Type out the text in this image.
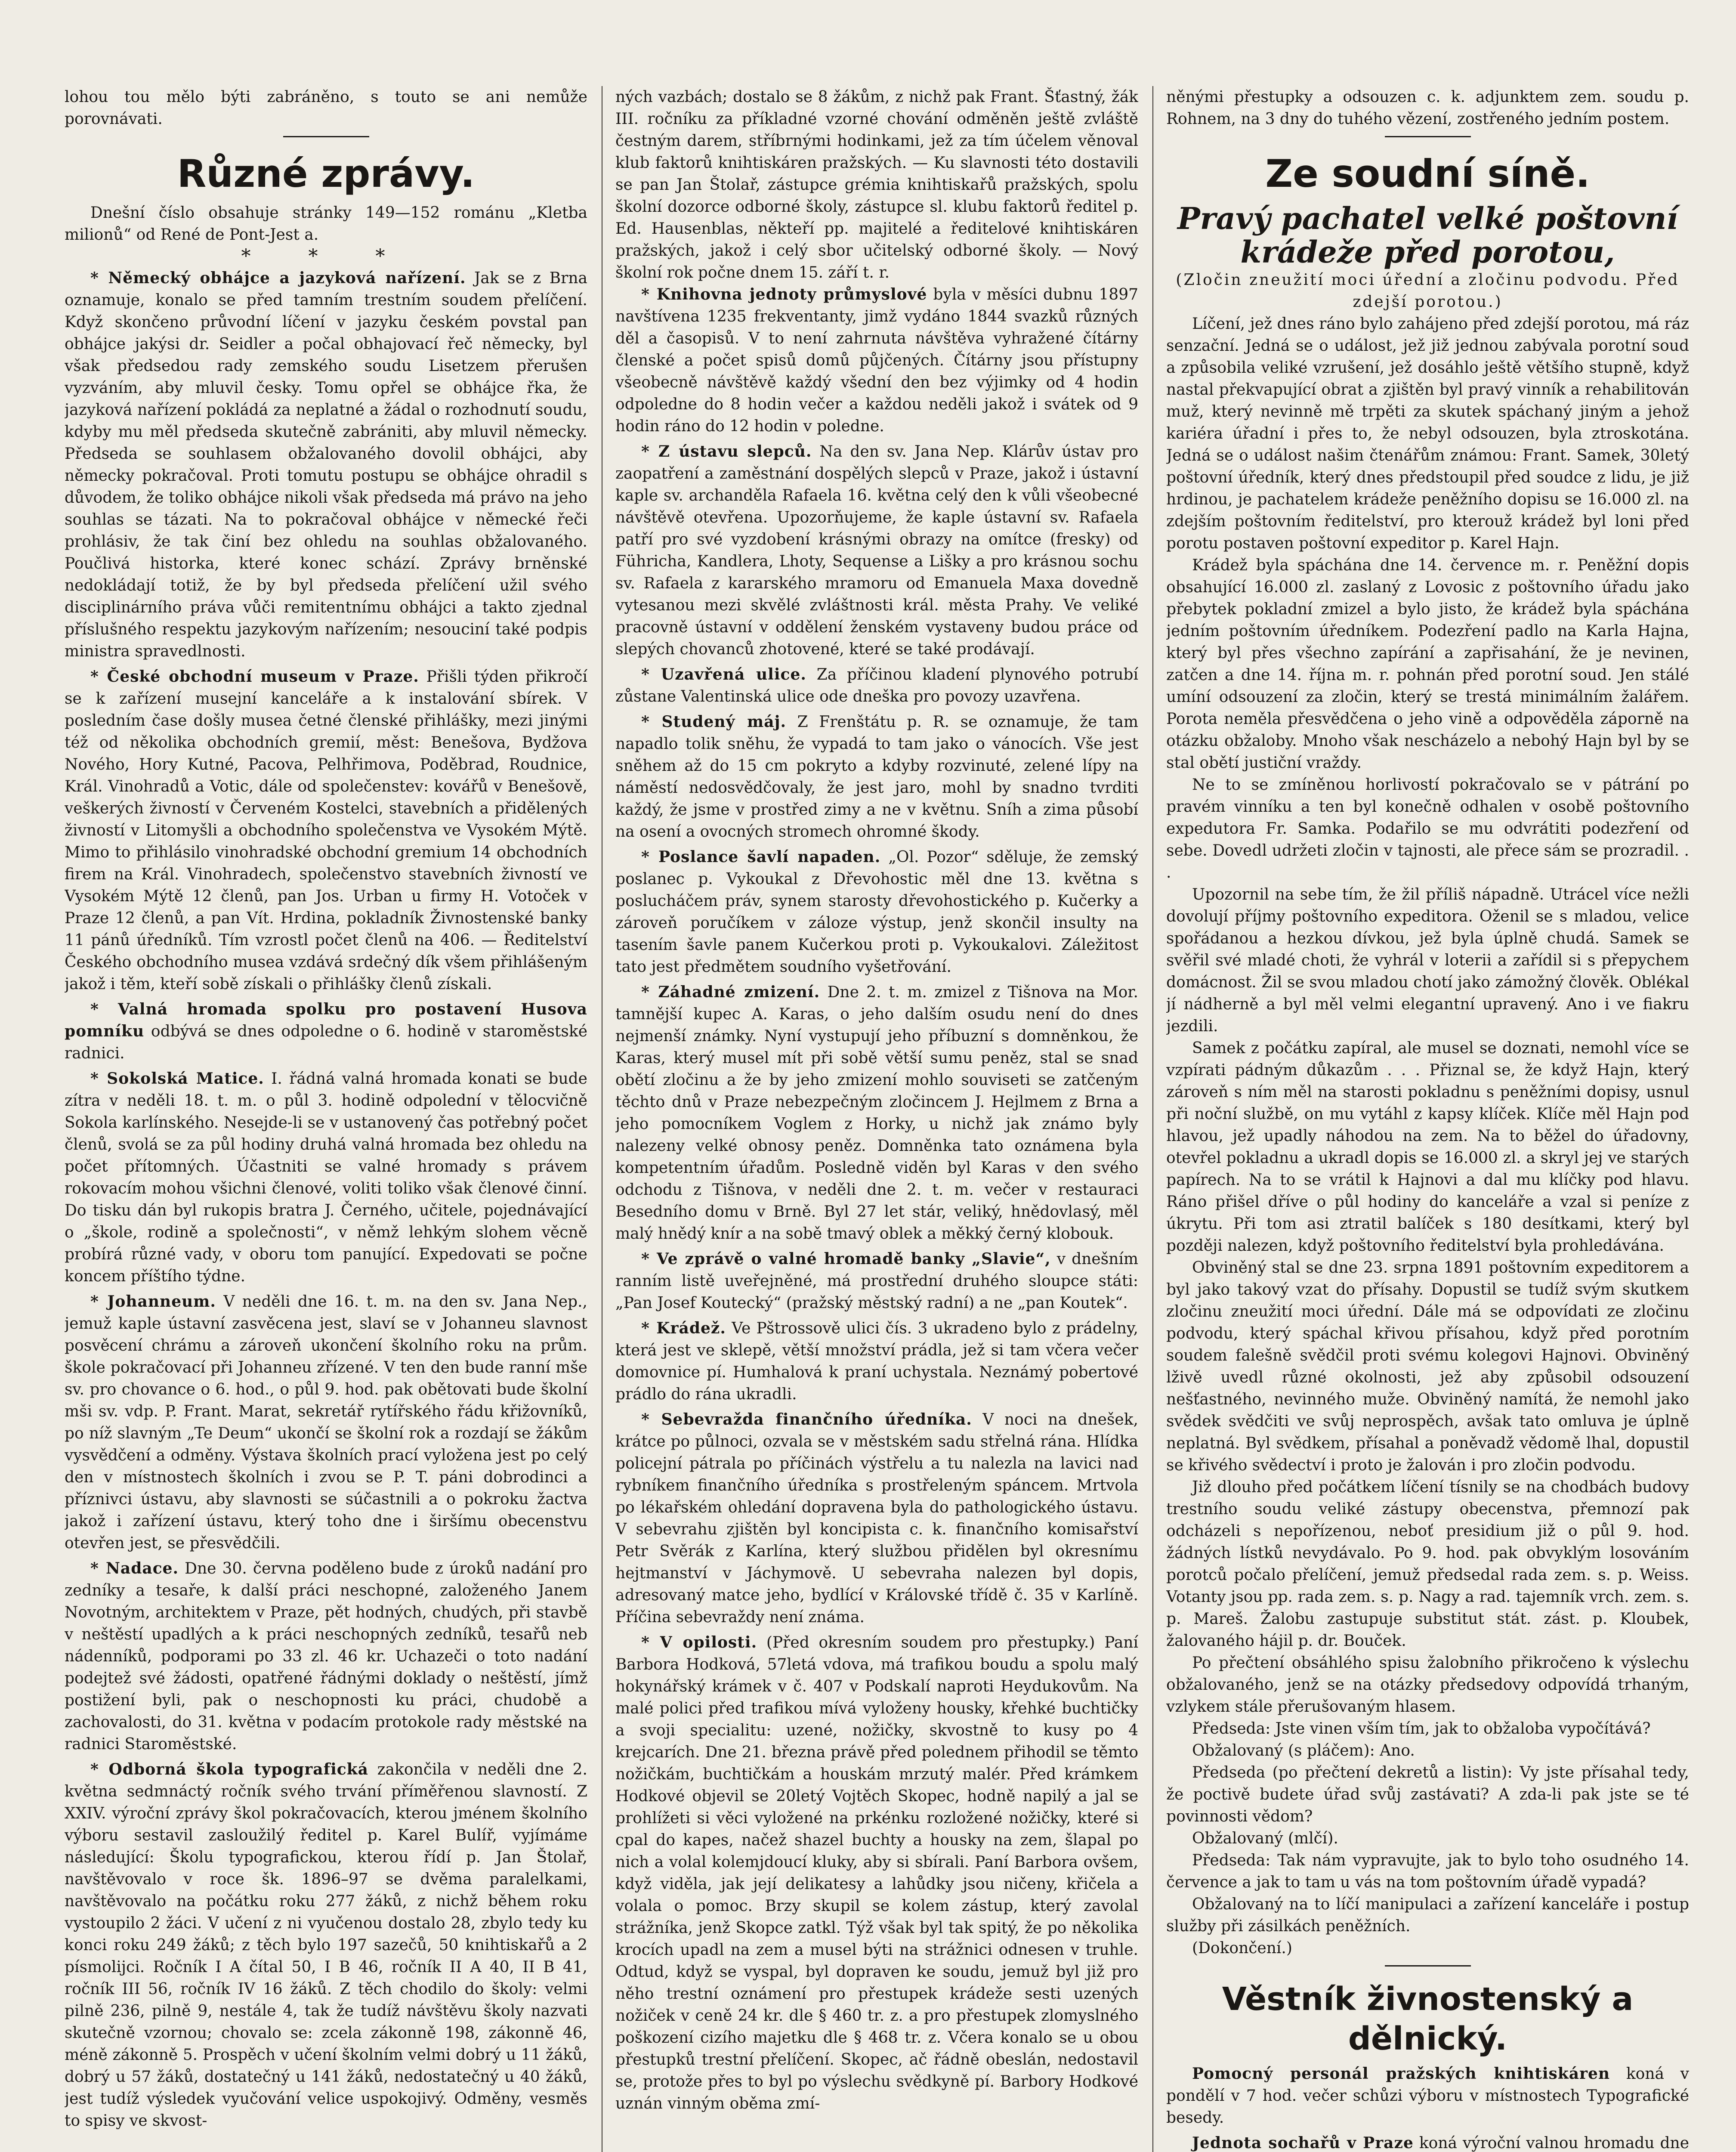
lohou tou mělo býti zabráněno, s touto se ani nemůže porovnávati.

Různé zprávy.

Dnešní číslo obsahuje stránky 149—152 románu „Kletba milionů“ od René de Pont-Jest a.

* * *

* Německý obhájce a jazyková nařízení. Jak se z Brna oznamuje, konalo se před tamním trestním soudem přelíčení. Když skončeno průvodní líčení v jazyku českém povstal pan obhájce jakýsi dr. Seidler a počal obhajovací řeč německy, byl však předsedou rady zemského soudu Lisetzem přerušen vyzváním, aby mluvil česky. Tomu opřel se obhájce řka, že jazyková nařízení pokládá za neplatné a žádal o rozhodnutí soudu, kdyby mu měl předseda skutečně zabrániti, aby mluvil německy. Předseda se souhlasem obžalovaného dovolil obhájci, aby německy pokračoval. Proti tomutu postupu se obhájce ohradil s důvodem, že toliko obhájce nikoli však předseda má právo na jeho souhlas se tázati. Na to pokračoval obhájce v německé řeči prohlásiv, že tak činí bez ohledu na souhlas obžalovaného. Poučlivá historka, které konec schází. Zprávy brněnské nedokládají totiž, že by byl předseda přelíčení užil svého disciplinárního práva vůči remitentnímu obhájci a takto zjednal příslušného respektu jazykovým nařízením; nesouciní také podpis ministra spravedlnosti.

* České obchodní museum v Praze. Přišli týden přikročí se k zařízení musejní kanceláře a k instalování sbírek. V posledním čase došly musea četné členské přihlášky, mezi jinými též od několika obchodních gremií, měst: Benešova, Bydžova Nového, Hory Kutné, Pacova, Pelhřimova, Poděbrad, Roudnice, Král. Vinohradů a Votic, dále od společenstev: kovářů v Benešově, veškerých živností v Červeném Kostelci, stavebních a přidělených živností v Litomyšli a obchodního společenstva ve Vysokém Mýtě. Mimo to přihlásilo vinohradské obchodní gremium 14 obchodních firem na Král. Vinohradech, společenstvo stavebních živností ve Vysokém Mýtě 12 členů, pan Jos. Urban u firmy H. Votoček v Praze 12 členů, a pan Vít. Hrdina, pokladník Živnostenské banky 11 pánů úředníků. Tím vzrostl počet členů na 406. — Ředitelství Českého obchodního musea vzdává srdečný dík všem přihlášeným jakož i těm, kteří sobě získali o přihlášky členů získali.

* Valná hromada spolku pro postavení Husova pomníku odbývá se dnes odpoledne o 6. hodině v staroměstské radnici.

* Sokolská Matice. I. řádná valná hromada konati se bude zítra v neděli 18. t. m. o půl 3. hodině odpolední v tělocvičně Sokola karlínského. Nesejde-li se v ustanovený čas potřebný počet členů, svolá se za půl hodiny druhá valná hromada bez ohledu na počet přítomných. Účastniti se valné hromady s právem rokovacím mohou všichni členové, voliti toliko však členové činní. Do tisku dán byl rukopis bratra J. Černého, učitele, pojednávající o „škole, rodině a společnosti“, v němž lehkým slohem věcně probírá různé vady, v oboru tom panující. Expedovati se počne koncem příštího týdne.

* Johanneum. V neděli dne 16. t. m. na den sv. Jana Nep., jemuž kaple ústavní zasvěcena jest, slaví se v Johanneu slavnost posvěcení chrámu a zároveň ukončení školního roku na prům. škole pokračovací při Johanneu zřízené. V ten den bude ranní mše sv. pro chovance o 6. hod., o půl 9. hod. pak obětovati bude školní mši sv. vdp. P. Frant. Marat, sekretář rytířského řádu křižovníků, po níž slavným „Te Deum“ ukončí se školní rok a rozdají se žákům vysvědčení a odměny. Výstava školních prací vyložena jest po celý den v místnostech školních i zvou se P. T. páni dobrodinci a příznivci ústavu, aby slavnosti se súčastnili a o pokroku žactva jakož i zařízení ústavu, který toho dne i širšímu obecenstvu otevřen jest, se přesvědčili.

* Nadace. Dne 30. června podělenо bude z úroků nadání pro zedníky a tesaře, k další práci neschopné, založeného Janem Novotným, architektem v Praze, pět hodných, chudých, při stavbě v neštěstí upadlých a k práci neschopných zedníků, tesařů neb nádenníků, podporami po 33 zl. 46 kr. Uchazeči o toto nadání podejtež své žádosti, opatřené řádnými doklady o neštěstí, jímž postižení byli, pak o neschopnosti ku práci, chudobě a zachovalosti, do 31. května v podacím protokole rady městské na radnici Staroměstské.

* Odborná škola typografická zakončila v neděli dne 2. května sedmnáctý ročník svého trvání příměřenou slavností. Z XXIV. výroční zprávy škol pokračovacích, kterou jménem školního výboru sestavil zasloužilý ředitel p. Karel Bulíř, vyjímáme následující: Školu typografickou, kterou řídí p. Jan Štolař, navštěvovalo v roce šk. 1896–97 se dvěma paralelkami, navštěvovalo na počátku roku 277 žáků, z nichž během roku vystoupilo 2 žáci. V učení z ni vyučenou dostalo 28, zbylo tedy ku konci roku 249 žáků; z těch bylo 197 sazečů, 50 knihtiskařů a 2 písmolijci. Ročník I A čítal 50, I B 46, ročník II A 40, II B 41, ročník III 56, ročník IV 16 žáků. Z těch chodilo do školy: velmi pilně 236, pilně 9, nestále 4, tak že tudíž návštěvu školy nazvati skutečně vzornou; chovalo se: zcela zákonně 198, zákonně 46, méně zákonně 5. Prospěch v učení školním velmi dobrý u 11 žáků, dobrý u 57 žáků, dostatečný u 141 žáků, nedostatečný u 40 žáků, jest tudíž výsledek vyučování velice uspokojivý. Odměny, vesměs to spisy ve skvost-

ných vazbách; dostalo se 8 žákům, z nichž pak Frant. Šťastný, žák III. ročníku za příkladné vzorné chování odměněn ještě zvláště čestným darem, stříbrnými hodinkami, jež za tím účelem věnoval klub faktorů knihtiskáren pražských. — Ku slavnosti této dostavili se pan Jan Štolař, zástupce grémia knihtiskařů pražských, spolu školní dozorce odborné školy, zástupce sl. klubu faktorů ředitel p. Ed. Hausenblas, někteří pp. majitelé a ředitelové knihtiskáren pražských, jakož i celý sbor učitelský odborné školy. — Nový školní rok počne dnem 15. září t. r.

* Knihovna jednoty průmyslové byla v měsíci dubnu 1897 navštívena 1235 frekventanty, jimž vydáno 1844 svazků různých děl a časopisů. V to není zahrnuta návštěva vyhražené čítárny členské a počet spisů domů půjčených. Čítárny jsou přístupny všeobecně návštěvě každý všední den bez výjimky od 4 hodin odpoledne do 8 hodin večer a každou neděli jakož i svátek od 9 hodin ráno do 12 hodin v poledne.

* Z ústavu slepců. Na den sv. Jana Nep. Klárův ústav pro zaopatření a zaměstnání dospělých slepců v Praze, jakož i ústavní kaple sv. archanděla Rafaela 16. května celý den k vůli všeobecné návštěvě otevřena. Upozorňujeme, že kaple ústavní sv. Rafaela patří pro své vyzdobení krásnými obrazy na omítce (fresky) od Führicha, Kandlera, Lhoty, Sequense a Lišky a pro krásnou sochu sv. Rafaela z kararského mramoru od Emanuela Maxa dovedně vytesanou mezi skvělé zvláštnosti král. města Prahy. Ve veliké pracovně ústavní v oddělení ženském vystaveny budou práce od slepých chovanců zhotovené, které se také prodávají.

* Uzavřená ulice. Za příčinou kladení plynového potrubí zůstane Valentinská ulice ode dneška pro povozy uzavřena.

* Studený máj. Z Frenštátu p. R. se oznamuje, že tam napadlo tolik sněhu, že vypadá to tam jako o vánocích. Vše jest sněhem až do 15 cm pokryto a kdyby rozvinuté, zelené lípy na náměstí nedosvědčovaly, že jest jaro, mohl by snadno tvrditi každý, že jsme v prostřed zimy a ne v květnu. Sníh a zima působí na osení a ovocných stromech ohromné škody.

* Poslance šavlí napaden. „Ol. Pozor“ sděluje, že zemský poslanec p. Vykoukal z Dřevohostic měl dne 13. května s poslucháčem práv, synem starosty dřevohostického p. Kučerky a zároveň poručíkem v záloze výstup, jenž skončil insulty na tasením šavle panem Kučerkou proti p. Vykoukalovi. Záležitost tato jest předmětem soudního vyšetřování.

* Záhadné zmizení. Dne 2. t. m. zmizel z Tišnova na Mor. tamnější kupec A. Karas, o jeho dalším osudu není do dnes nejmenší známky. Nyní vystupují jeho příbuzní s domněnkou, že Karas, který musel mít při sobě větší sumu peněz, stal se snad obětí zločinu a že by jeho zmizení mohlo souviseti se zatčeným těchto dnů v Praze nebezpečným zločincem J. Hejlmem z Brna a jeho pomocníkem Voglem z Horky, u nichž jak známo byly nalezeny velké obnosy peněz. Domněnka tato oznámena byla kompetentním úřadům. Posledně viděn byl Karas v den svého odchodu z Tišnova, v neděli dne 2. t. m. večer v restauraci Besedního domu v Brně. Byl 27 let stár, veliký, hnědovlasý, měl malý hnědý knír a na sobě tmavý oblek a měkký černý klobouk.

* Ve zprávě o valné hromadě banky „Slavie“, v dnešním ranním listě uveřejněné, má prostřední druhého sloupce státi: „Pan Josef Koutecký“ (pražský městský radní) a ne „pan Koutek“.

* Krádež. Ve Pštrossově ulici čís. 3 ukradeno bylo z prádelny, která jest ve sklepě, větší množství prádla, jež si tam včera večer domovnice pí. Humhalová k praní uchystala. Neznámý pobertové prádlo do rána ukradli.

* Sebevražda finančního úředníka. V noci na dnešek, krátce po půlnoci, ozvala se v městském sadu střelná rána. Hlídka policejní pátrala po příčinách výstřelu a tu nalezla na lavici nad rybníkem finančního úředníka s prostřeleným spáncem. Mrtvola po lékařském ohledání dopravena byla do pathologického ústavu. V sebevrahu zjištěn byl koncipista c. k. finančního komisařství Petr Svěrák z Karlína, který službou přidělen byl okresnímu hejtmanství v Jáchymově. U sebevraha nalezen byl dopis, adresovaný matce jeho, bydlící v Královské třídě č. 35 v Karlíně. Příčina sebevraždy není známa.

* V opilosti. (Před okresním soudem pro přestupky.) Paní Barbora Hodková, 57letá vdova, má trafikou boudu a spolu malý hokynářský krámek v č. 407 v Podskalí naproti Heydukovům. Na malé polici před trafikou mívá vyloženy housky, křehké buchtičky a svoji specialitu: uzené, nožičky, skvostně to kusy po 4 krejcarích. Dne 21. března právě před polednem přihodil se těmto nožičkám, buchtičkám a houskám mrzutý malér. Před krámkem Hodkové objevil se 20letý Vojtěch Skopec, hodně napilý a jal se prohlížeti si věci vyložené na prkénku rozložené nožičky, které si cpal do kapes, načež shazel buchty a housky na zem, šlapal po nich a volal kolemjdoucí kluky, aby si sbírali. Paní Barbora ovšem, když viděla, jak její delikatesy a lahůdky jsou ničeny, křičela a volala o pomoc. Brzy skupil se kolem zástup, který zavolal strážníka, jenž Skopce zatkl. Týž však byl tak spitý, že po několika krocích upadl na zem a musel býti na strážnici odnesen v truhle. Odtud, když se vyspal, byl dopraven ke soudu, jemuž byl již pro něho trestní oznámení pro přestupek krádeže sesti uzených nožiček v ceně 24 kr. dle § 460 tr. z. a pro přestupek zlomyslného poškození cizího majetku dle § 468 tr. z. Včera konalo se u obou přestupků trestní přelíčení. Skopec, ač řádně obeslán, nedostavil se, protože přes to byl po výslechu svědkyně pí. Barbory Hodkové uznán vinným oběma zmí-

něnými přestupky a odsouzen c. k. adjunktem zem. soudu p. Rohnem, na 3 dny do tuhého vězení, zostřeného jedním postem.

Ze soudní síně.
Pravý pachatel velké poštovní krádeže před porotou,

(Zločin zneužití moci úřední a zločinu podvodu. Před zdejší porotou.)

Líčení, jež dnes ráno bylo zahájeno před zdejší porotou, má ráz senzační. Jedná se o událost, jež již jednou zabývala porotní soud a způsobila veliké vzrušení, jež dosáhlo ještě většího stupně, když nastal překvapující obrat a zjištěn byl pravý vinník a rehabilitován muž, který nevinně mě trpěti za skutek spáchaný jiným a jehož kariéra úřadní i přes to, že nebyl odsouzen, byla ztroskotána. Jedná se o událost našim čtenářům známou: Frant. Samek, 30letý poštovní úředník, který dnes předstoupil před soudce z lidu, je již hrdinou, je pachatelem krádeže peněžního dopisu se 16.000 zl. na zdejším poštovním ředitelství, pro kterouž krádež byl loni před porotu postaven poštovní expeditor p. Karel Hajn.

Krádež byla spáchána dne 14. července m. r. Peněžní dopis obsahující 16.000 zl. zaslaný z Lovosic z poštovního úřadu jako přebytek pokladní zmizel a bylo jisto, že krádež byla spáchána jedním poštovním úředníkem. Podezření padlo na Karla Hajna, který byl přes všechno zapírání a zapřisahání, že je nevinen, zatčen a dne 14. října m. r. pohnán před porotní soud. Jen stálé umíní odsouzení za zločin, který se trestá minimálním žalářem. Porota neměla přesvědčena o jeho vině a odpověděla záporně na otázku obžaloby. Mnoho však nescházelo a nebohý Hajn byl by se stal obětí justiční vraždy.

Ne to se zmíněnou horlivostí pokračovalo se v pátrání po pravém vinníku a ten byl konečně odhalen v osobě poštovního expedutora Fr. Samka. Podařilo se mu odvrátiti podezření od sebe. Dovedl udržeti zločin v tajnosti, ale přece sám se prozradil. . .

Upozornil na sebe tím, že žil příliš nápadně. Utrácel více nežli dovolují příjmy poštovního expeditora. Oženil se s mladou, velice spořádanou a hezkou dívkou, jež byla úplně chudá. Samek se svěřil své mladé choti, že vyhrál v loterii a zařídil si s přepychem domácnost. Žil se svou mladou chotí jako zámožný člověk. Oblékal jí nádherně a byl měl velmi elegantní upravený. Ano i ve fiakru jezdili.

Samek z počátku zapíral, ale musel se doznati, nemohl více se vzpírati pádným důkazům . . . Přiznal se, že když Hajn, který zároveň s ním měl na starosti pokladnu s peněžními dopisy, usnul při noční službě, on mu vytáhl z kapsy klíček. Klíče měl Hajn pod hlavou, jež upadly náhodou na zem. Na to běžel do úřadovny, otevřel pokladnu a ukradl dopis se 16.000 zl. a skryl jej ve starých papírech. Na to se vrátil k Hajnovi a dal mu klíčky pod hlavu. Ráno přišel dříve o půl hodiny do kanceláře a vzal si peníze z úkrytu. Při tom asi ztratil balíček s 180 desítkami, který byl později nalezen, když poštovního ředitelství byla prohledávána.

Obviněný stal se dne 23. srpna 1891 poštovním expeditorem a byl jako takový vzat do přísahy. Dopustil se tudíž svým skutkem zločinu zneužití moci úřední. Dále má se odpovídati ze zločinu podvodu, který spáchal křivou přísahou, když před porotním soudem falešně svědčil proti svému kolegovi Hajnovi. Obviněný lživě uvedl různé okolnosti, jež aby způsobil odsouzení nešťastného, nevinného muže. Obviněný namítá, že nemohl jako svědek svědčiti ve svůj neprospěch, avšak tato omluva je úplně neplatná. Byl svědkem, přísahal a poněvadž vědomě lhal, dopustil se křivého svědectví i proto je žalován i pro zločin podvodu.

Již dlouho před počátkem líčení tísnily se na chodbách budovy trestního soudu veliké zástupy obecenstva, přemnozí pak odcházeli s nepořízenou, neboť presidium již o půl 9. hod. žádných lístků nevydávalo. Po 9. hod. pak obvyklým losováním porotců počalo přelíčení, jemuž předsedal rada zem. s. p. Weiss. Votanty jsou pp. rada zem. s. p. Nagy a rad. tajemník vrch. zem. s. p. Mareš. Žalobu zastupuje substitut stát. zást. p. Kloubek, žalovaného hájil p. dr. Bouček.

Po přečtení obsáhlého spisu žalobního přikročeno k výslechu obžalovaného, jenž se na otázky předsedovy odpovídá trhaným, vzlykem stále přerušovaným hlasem.

Předseda: Jste vinen vším tím, jak to obžaloba vypočítává?

Obžalovaný (s pláčem): Ano.

Předseda (po přečtení dekretů a listin): Vy jste přísahal tedy, že poctivě budete úřad svůj zastávati? A zda-li pak jste se té povinnosti vědom?

Obžalovaný (mlčí).

Předseda: Tak nám vypravujte, jak to bylo toho osudného 14. července a jak to tam u vás na tom poštovním úřadě vypadá?

Obžalovaný na to líčí manipulaci a zařízení kanceláře i postup služby při zásilkách peněžních.

(Dokončení.)

Věstník živnostenský a dělnický.

Pomocný personál pražských knihtiskáren koná v pondělí v 7 hod. večer schůzi výboru v místnostech Typografické besedy.

Jednota sochařů v Praze koná výroční valnou hromadu dne
